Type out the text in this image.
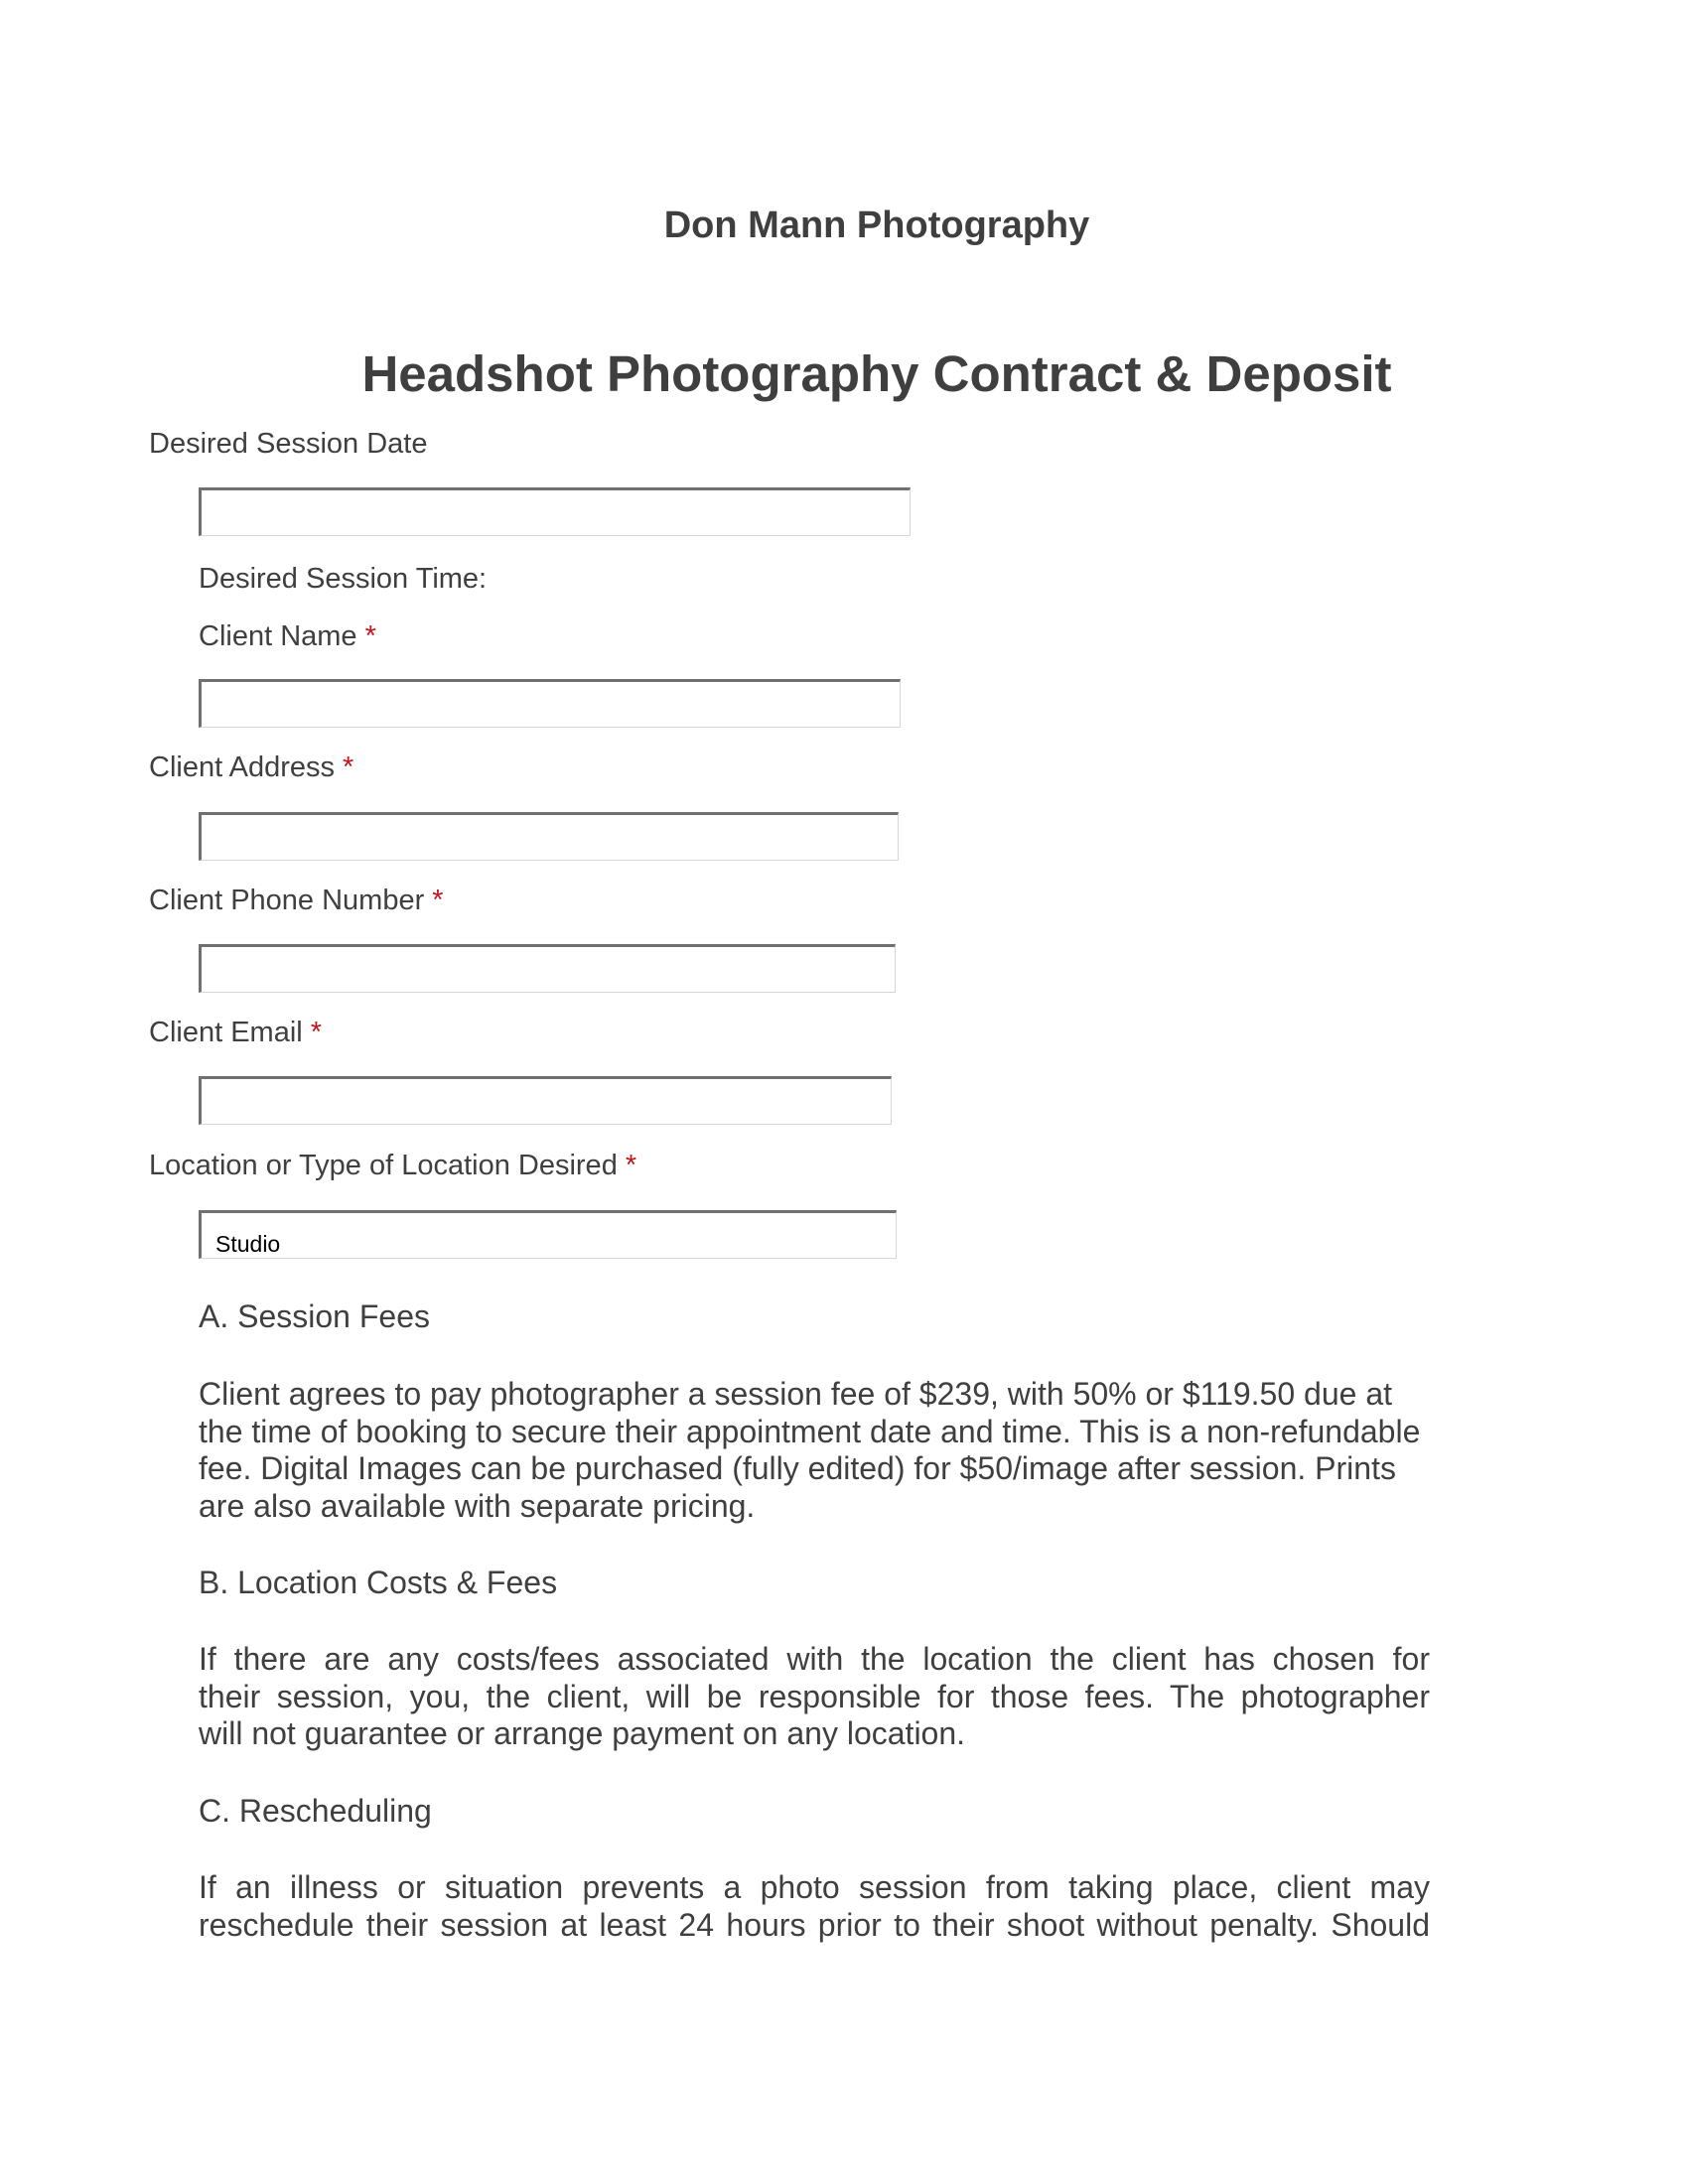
Don Mann Photography
Headshot Photography Contract & Deposit
Desired Session Date
Desired Session Time:
Client Name *
Client Address *
Client Phone Number *
Client Email *
Location or Type of Location Desired *
Studio
A. Session Fees
Client agrees to pay photographer a session fee of $239, with 50% or $119.50 due at
the time of booking to secure their appointment date and time. This is a non-refundable
fee. Digital Images can be purchased (fully edited) for $50/image after session. Prints
are also available with separate pricing.
B. Location Costs & Fees
If there are any costs/fees associated with the location the client has chosen for
their session, you, the client, will be responsible for those fees. The photographer
will not guarantee or arrange payment on any location.
C. Rescheduling
If an illness or situation prevents a photo session from taking place, client may
reschedule their session at least 24 hours prior to their shoot without penalty. Should
